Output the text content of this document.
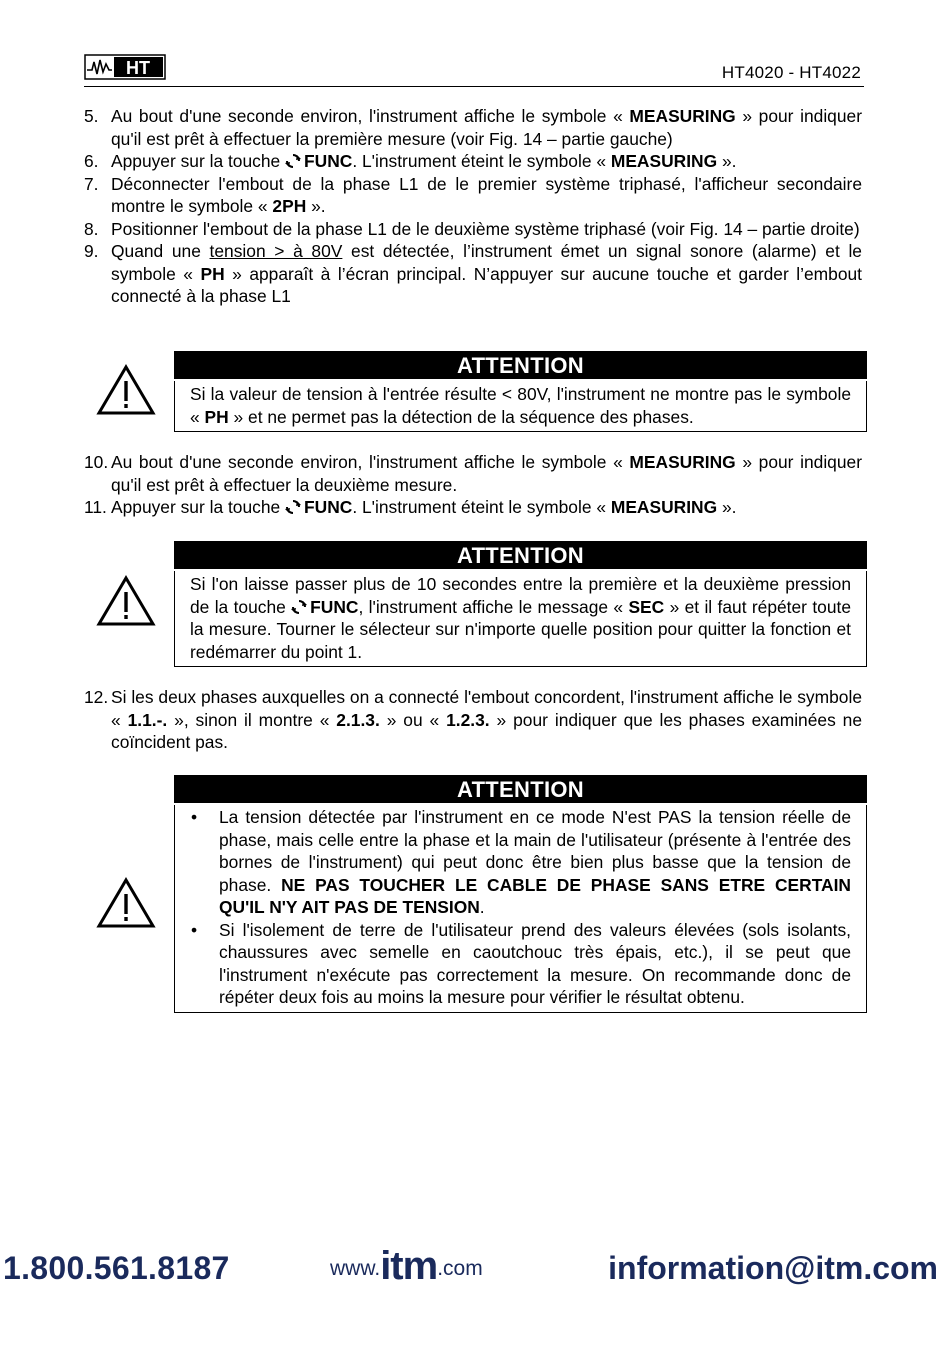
HT	HT4020 - HT4022
5. Au bout d'une seconde environ, l'instrument affiche le symbole « MEASURING » pour indiquer qu'il est prêt à effectuer la première mesure (voir Fig. 14 – partie gauche)
6. Appuyer sur la touche FUNC. L'instrument éteint le symbole « MEASURING ».
7. Déconnecter l'embout de la phase L1 de le premier système triphasé, l'afficheur secondaire montre le symbole « 2PH ».
8. Positionner l'embout de la phase L1 de le deuxième système triphasé (voir Fig. 14 – partie droite)
9. Quand une tension > à 80V est détectée, l’instrument émet un signal sonore (alarme) et le symbole « PH » apparaît à l’écran principal. N’appuyer sur aucune touche et garder l’embout connecté à la phase L1
ATTENTION

Si la valeur de tension à l'entrée résulte < 80V, l'instrument ne montre pas le symbole « PH » et ne permet pas la détection de la séquence des phases.

10. Au bout d'une seconde environ, l'instrument affiche le symbole « MEASURING » pour indiquer qu'il est prêt à effectuer la deuxième mesure.
11. Appuyer sur la touche FUNC. L'instrument éteint le symbole « MEASURING ».
ATTENTION

Si l'on laisse passer plus de 10 secondes entre la première et la deuxième pression de la touche FUNC, l'instrument affiche le message « SEC » et il faut répéter toute la mesure. Tourner le sélecteur sur n'importe quelle position pour quitter la fonction et redémarrer du point 1.

12. Si les deux phases auxquelles on a connecté l'embout concordent, l'instrument affiche le symbole « 1.1.-. », sinon il montre « 2.1.3. » ou « 1.2.3. » pour indiquer que les phases examinées ne coïncident pas.
ATTENTION
• La tension détectée par l'instrument en ce mode N'est PAS la tension réelle de phase, mais celle entre la phase et la main de l'utilisateur (présente à l'entrée des bornes de l'instrument) qui peut donc être bien plus basse que la tension de phase. NE PAS TOUCHER LE CABLE DE PHASE SANS ETRE CERTAIN QU'IL N'Y AIT PAS DE TENSION.
• Si l'isolement de terre de l'utilisateur prend des valeurs élevées (sols isolants, chaussures avec semelle en caoutchouc très épais, etc.), il se peut que l'instrument n'exécute pas correctement la mesure. On recommande donc de répéter deux fois au moins la mesure pour vérifier le résultat obtenu.
1.800.561.8187	www. itm .com	information@itm.com
